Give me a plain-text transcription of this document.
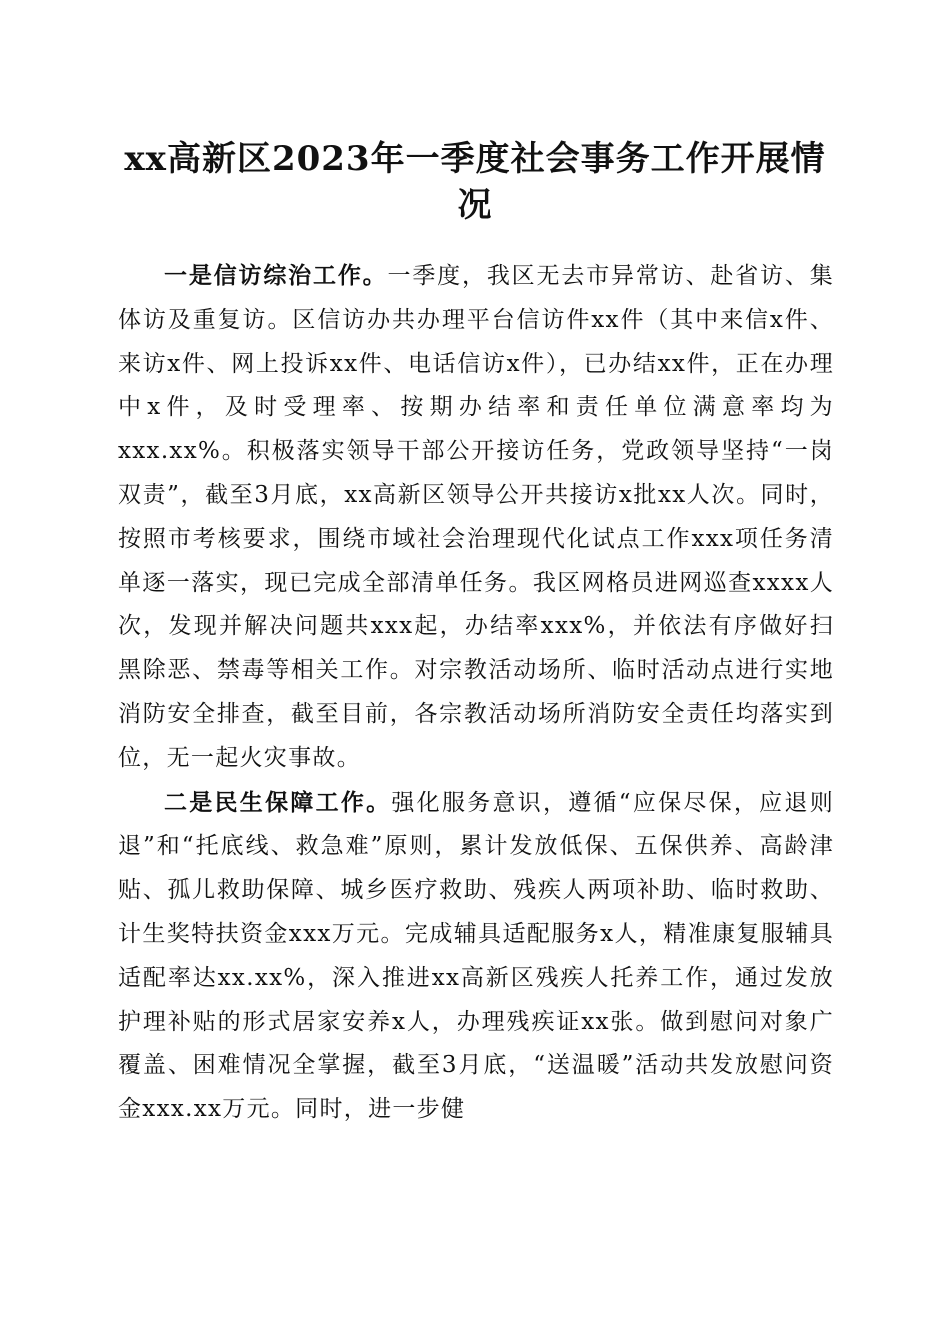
xx高新区2023年一季度社会事务工作开展情况

一是信访综治工作。一季度，我区无去市异常访、赴省访、集体访及重复访。区信访办共办理平台信访件xx件（其中来信x件、来访x件、网上投诉xx件、电话信访x件），已办结xx件，正在办理中x件，及时受理率、按期办结率和责任单位满意率均为xxx.xx%。积极落实领导干部公开接访任务，党政领导坚持“一岗双责”，截至3月底，xx高新区领导公开共接访x批xx人次。同时，按照市考核要求，围绕市域社会治理现代化试点工作xxx项任务清单逐一落实，现已完成全部清单任务。我区网格员进网巡查xxxx人次，发现并解决问题共xxx起，办结率xxx%，并依法有序做好扫黑除恶、禁毒等相关工作。对宗教活动场所、临时活动点进行实地消防安全排查，截至目前，各宗教活动场所消防安全责任均落实到位，无一起火灾事故。

二是民生保障工作。强化服务意识，遵循“应保尽保，应退则退”和“托底线、救急难”原则，累计发放低保、五保供养、高龄津贴、孤儿救助保障、城乡医疗救助、残疾人两项补助、临时救助、计生奖特扶资金xxx万元。完成辅具适配服务x人，精准康复服辅具适配率达xx.xx%，深入推进xx高新区残疾人托养工作，通过发放护理补贴的形式居家安养x人，办理残疾证xx张。做到慰问对象广覆盖、困难情况全掌握，截至3月底，“送温暖”活动共发放慰问资金xxx.xx万元。同时，进一步健
